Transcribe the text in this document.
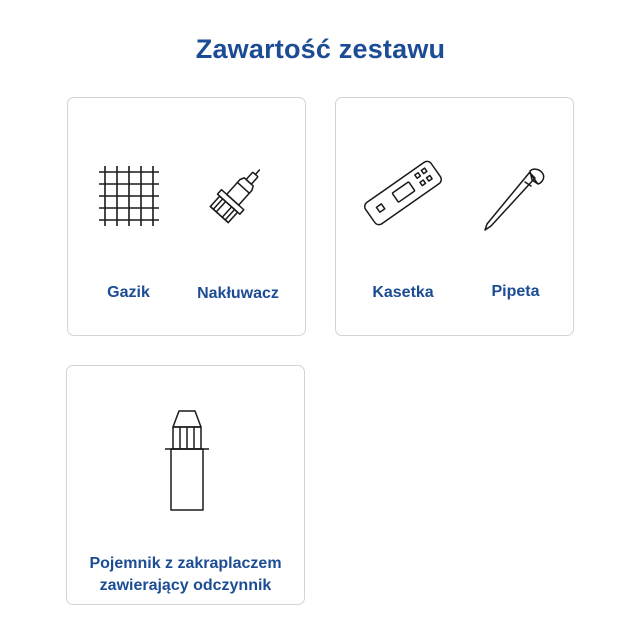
Zawartość zestawu
Gazik	Nakłuwacz	Kasetka	Pipeta
Pojemnik z zakraplaczem zawierający odczynnik
